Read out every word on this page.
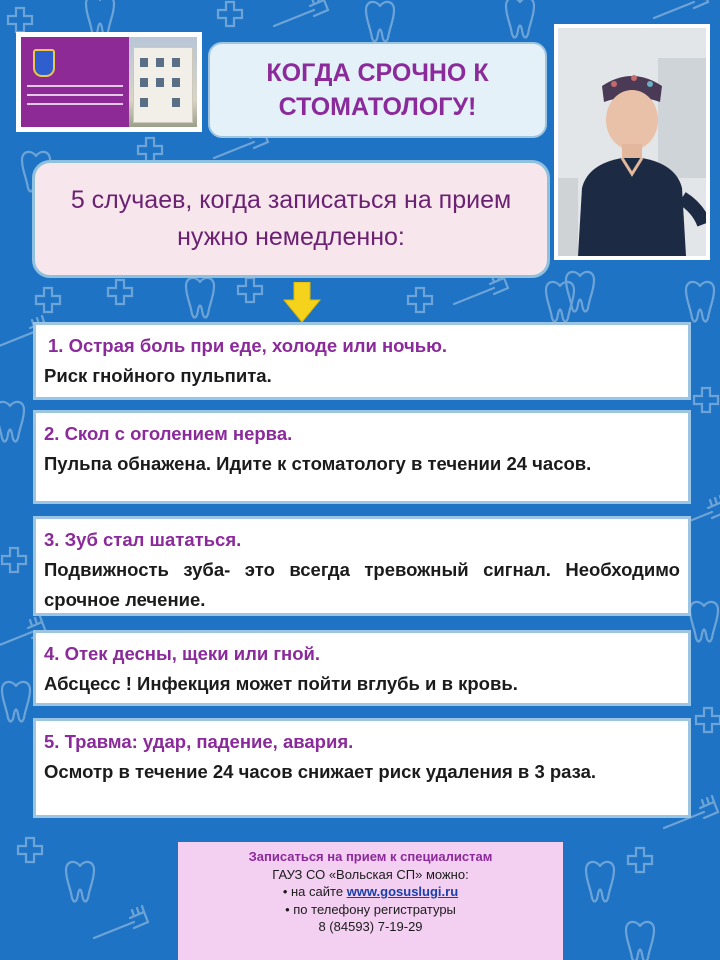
КОГДА СРОЧНО К СТОМАТОЛОГУ!
5 случаев, когда записаться на прием нужно немедленно:
1. Острая боль при еде, холоде или ночью.
Риск гнойного пульпита.
2. Скол с оголением нерва.
Пульпа обнажена. Идите к стоматологу в течении 24 часов.
3. Зуб стал шататься.
Подвижность зуба- это всегда тревожный сигнал. Необходимо срочное лечение.
4. Отек десны, щеки или гной.
Абсцесс ! Инфекция может пойти вглубь и в кровь.
5. Травма: удар, падение, авария.
Осмотр в течение 24 часов снижает риск удаления в 3 раза.
Записаться на прием к специалистам
ГАУЗ СО «Вольская СП» можно:
• на сайте www.gosuslugi.ru
• по телефону регистратуры
8 (84593) 7-19-29
